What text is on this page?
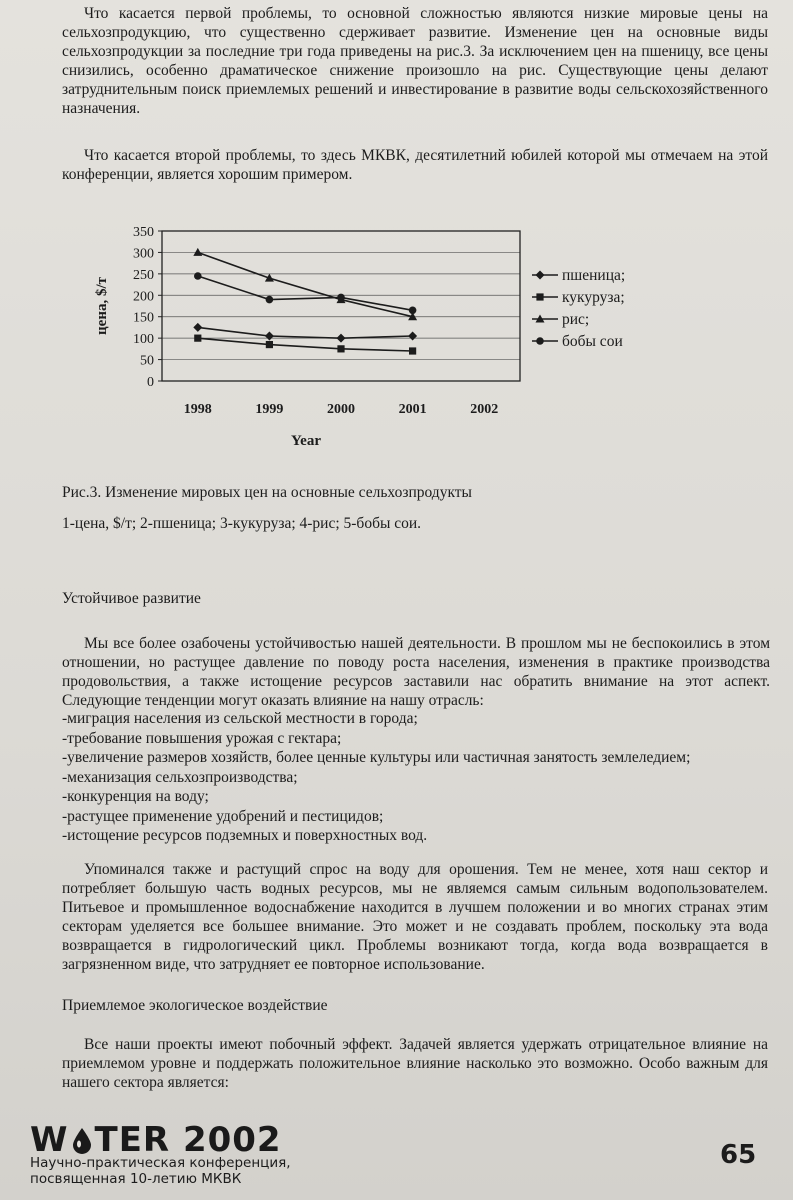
Что касается первой проблемы, то основной сложностью являются низкие мировые цены на сельхозпродукцию, что существенно сдерживает развитие. Изменение цен на основные виды сельхозпродукции за последние три года приведены на рис.3. За исключением цен на пшеницу, все цены снизились, особенно драматическое снижение произошло на рис. Существующие цены делают затруднительным поиск приемлемых решений и инвестирование в развитие воды сельскохозяйственного назначения.

Что касается второй проблемы, то здесь МКВК, десятилетний юбилей которой мы отмечаем на этой конференции, является хорошим примером.

0
50
100
150
200
250
300
350
1998	1999	2000	2001	2002
Year
цена, $/т
пшеница;
кукуруза;
рис;
бобы сои
Рис.3. Изменение мировых цен на основные сельхозпродукты
1-цена, $/т; 2-пшеница; 3-кукуруза; 4-рис; 5-бобы сои.
Устойчивое развитие

Мы все более озабочены устойчивостью нашей деятельности. В прошлом мы не беспокоились в этом отношении, но растущее давление по поводу роста населения, изменения в практике производства продовольствия, а также истощение ресурсов заставили нас обратить внимание на этот аспект. Следующие тенденции могут оказать влияние на нашу отрасль:

-миграция населения из сельской местности в города;
-требование повышения урожая с гектара;
-увеличение размеров хозяйств, более ценные культуры или частичная занятость землеледием;
-механизация сельхозпроизводства;
-конкуренция на воду;
-растущее применение удобрений и пестицидов;
-истощение ресурсов подземных и поверхностных вод.

Упоминался также и растущий спрос на воду для орошения. Тем не менее, хотя наш сектор и потребляет большую часть водных ресурсов, мы не являемся самым сильным водопользователем. Питьевое и промышленное водоснабжение находится в лучшем положении и во многих странах этим секторам уделяется все большее внимание. Это может и не создавать проблем, поскольку эта вода возвращается в гидрологический цикл. Проблемы возникают тогда, когда вода возвращается в загрязненном виде, что затрудняет ее повторное использование.

Приемлемое экологическое воздействие

Все наши проекты имеют побочный эффект. Задачей является удержать отрицательное влияние на приемлемом уровне и поддержать положительное влияние насколько это возможно. Особо важным для нашего сектора является:

W TER 2002
Научно-практическая конференция,
посвященная 10-летию МКВК
65
